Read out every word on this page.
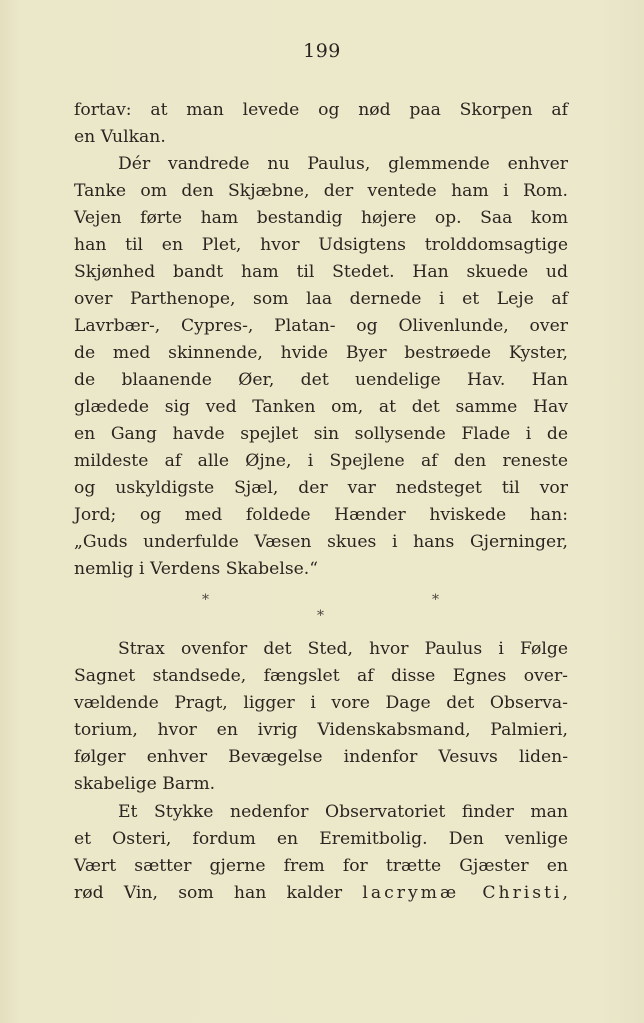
199
fortav: at man levede og nød paa Skorpen af
en Vulkan.
Dér vandrede nu Paulus, glemmende enhver
Tanke om den Skjæbne, der ventede ham i Rom.
Vejen førte ham bestandig højere op. Saa kom
han til en Plet, hvor Udsigtens trolddomsagtige
Skjønhed bandt ham til Stedet. Han skuede ud
over Parthenope, som laa dernede i et Leje af
Lavrbær-, Cypres-, Platan- og Olivenlunde, over
de med skinnende, hvide Byer bestrøede Kyster,
de blaanende Øer, det uendelige Hav. Han
glædede sig ved Tanken om, at det samme Hav
en Gang havde spejlet sin sollysende Flade i de
mildeste af alle Øjne, i Spejlene af den reneste
og uskyldigste Sjæl, der var nedsteget til vor
Jord; og med foldede Hænder hviskede han:
„Guds underfulde Væsen skues i hans Gjerninger,
nemlig i Verdens Skabelse.“
*
*
*
Strax ovenfor det Sted, hvor Paulus i Følge
Sagnet standsede, fængslet af disse Egnes over-
vældende Pragt, ligger i vore Dage det Observa-
torium, hvor en ivrig Videnskabsmand, Palmieri,
følger enhver Bevægelse indenfor Vesuvs liden-
skabelige Barm.
Et Stykke nedenfor Observatoriet finder man
et Osteri, fordum en Eremitbolig. Den venlige
Vært sætter gjerne frem for trætte Gjæster en
rød Vin, som han kalder lacrymæ Christi,
